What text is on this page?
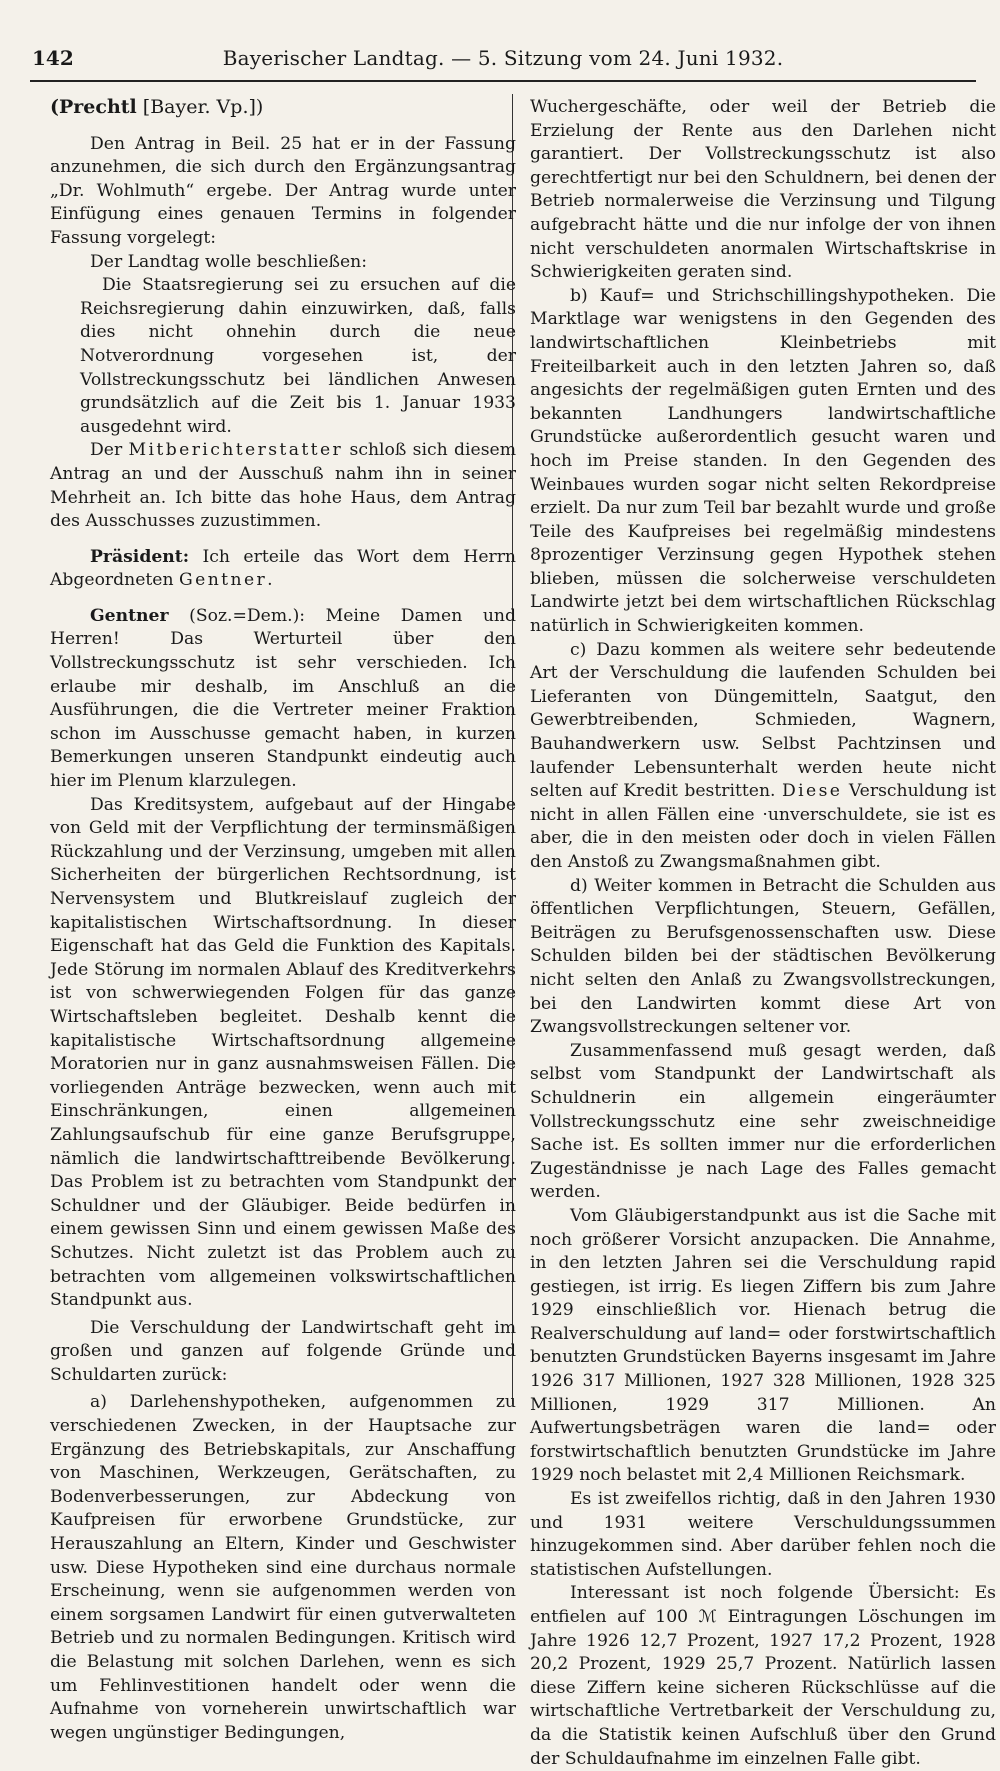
142	Bayerischer Landtag. — 5. Sitzung vom 24. Juni 1932.

(Prechtl [Bayer. Vp.])

Den Antrag in Beil. 25 hat er in der Fassung anzunehmen, die sich durch den Ergänzungsantrag „Dr. Wohlmuth“ ergebe. Der Antrag wurde unter Einfügung eines genauen Termins in folgender Fassung vorgelegt:

Der Landtag wolle beschließen:

Die Staatsregierung sei zu ersuchen auf die Reichsregierung dahin einzuwirken, daß, falls dies nicht ohnehin durch die neue Notverordnung vorgesehen ist, der Vollstreckungsschutz bei ländlichen Anwesen grundsätzlich auf die Zeit bis 1. Januar 1933 ausgedehnt wird.

Der Mitberichterstatter schloß sich diesem Antrag an und der Ausschuß nahm ihn in seiner Mehrheit an. Ich bitte das hohe Haus, dem Antrag des Ausschusses zuzustimmen.

Präsident: Ich erteile das Wort dem Herrn Abgeordneten Gentner.

Gentner (Soz.=Dem.): Meine Damen und Herren! Das Werturteil über den Vollstreckungsschutz ist sehr verschieden. Ich erlaube mir deshalb, im Anschluß an die Ausführungen, die die Vertreter meiner Fraktion schon im Ausschusse gemacht haben, in kurzen Bemerkungen unseren Standpunkt eindeutig auch hier im Plenum klarzulegen.

Das Kreditsystem, aufgebaut auf der Hingabe von Geld mit der Verpflichtung der terminsmäßigen Rückzahlung und der Verzinsung, umgeben mit allen Sicherheiten der bürgerlichen Rechtsordnung, ist Nervensystem und Blutkreislauf zugleich der kapitalistischen Wirtschaftsordnung. In dieser Eigenschaft hat das Geld die Funktion des Kapitals. Jede Störung im normalen Ablauf des Kreditverkehrs ist von schwerwiegenden Folgen für das ganze Wirtschaftsleben begleitet. Deshalb kennt die kapitalistische Wirtschaftsordnung allgemeine Moratorien nur in ganz ausnahmsweisen Fällen. Die vorliegenden Anträge bezwecken, wenn auch mit Einschränkungen, einen allgemeinen Zahlungsaufschub für eine ganze Berufsgruppe, nämlich die landwirtschafttreibende Bevölkerung. Das Problem ist zu betrachten vom Standpunkt der Schuldner und der Gläubiger. Beide bedürfen in einem gewissen Sinn und einem gewissen Maße des Schutzes. Nicht zuletzt ist das Problem auch zu betrachten vom allgemeinen volkswirtschaftlichen Standpunkt aus.

Die Verschuldung der Landwirtschaft geht im großen und ganzen auf folgende Gründe und Schuldarten zurück:

a) Darlehenshypotheken, aufgenommen zu verschiedenen Zwecken, in der Hauptsache zur Ergänzung des Betriebskapitals, zur Anschaffung von Maschinen, Werkzeugen, Gerätschaften, zu Bodenverbesserungen, zur Abdeckung von Kaufpreisen für erworbene Grundstücke, zur Herauszahlung an Eltern, Kinder und Geschwister usw. Diese Hypotheken sind eine durchaus normale Erscheinung, wenn sie aufgenommen werden von einem sorgsamen Landwirt für einen gutverwalteten Betrieb und zu normalen Bedingungen. Kritisch wird die Belastung mit solchen Darlehen, wenn es sich um Fehlinvestitionen handelt oder wenn die Aufnahme von vorneherein unwirtschaftlich war wegen ungünstiger Bedingungen,

Wuchergeschäfte, oder weil der Betrieb die Erzielung der Rente aus den Darlehen nicht garantiert. Der Vollstreckungsschutz ist also gerechtfertigt nur bei den Schuldnern, bei denen der Betrieb normalerweise die Verzinsung und Tilgung aufgebracht hätte und die nur infolge der von ihnen nicht verschuldeten anormalen Wirtschaftskrise in Schwierigkeiten geraten sind.

b) Kauf= und Strichschillingshypotheken. Die Marktlage war wenigstens in den Gegenden des landwirtschaftlichen Kleinbetriebs mit Freiteilbarkeit auch in den letzten Jahren so, daß angesichts der regelmäßigen guten Ernten und des bekannten Landhungers landwirtschaftliche Grundstücke außerordentlich gesucht waren und hoch im Preise standen. In den Gegenden des Weinbaues wurden sogar nicht selten Rekordpreise erzielt. Da nur zum Teil bar bezahlt wurde und große Teile des Kaufpreises bei regelmäßig mindestens 8prozentiger Verzinsung gegen Hypothek stehen blieben, müssen die solcherweise verschuldeten Landwirte jetzt bei dem wirtschaftlichen Rückschlag natürlich in Schwierigkeiten kommen.

c) Dazu kommen als weitere sehr bedeutende Art der Verschuldung die laufenden Schulden bei Lieferanten von Düngemitteln, Saatgut, den Gewerbtreibenden, Schmieden, Wagnern, Bauhandwerkern usw. Selbst Pachtzinsen und laufender Lebensunterhalt werden heute nicht selten auf Kredit bestritten. Diese Verschuldung ist nicht in allen Fällen eine ·unverschuldete, sie ist es aber, die in den meisten oder doch in vielen Fällen den Anstoß zu Zwangsmaßnahmen gibt.

d) Weiter kommen in Betracht die Schulden aus öffentlichen Verpflichtungen, Steuern, Gefällen, Beiträgen zu Berufsgenossenschaften usw. Diese Schulden bilden bei der städtischen Bevölkerung nicht selten den Anlaß zu Zwangsvollstreckungen, bei den Landwirten kommt diese Art von Zwangsvollstreckungen seltener vor.

Zusammenfassend muß gesagt werden, daß selbst vom Standpunkt der Landwirtschaft als Schuldnerin ein allgemein eingeräumter Vollstreckungsschutz eine sehr zweischneidige Sache ist. Es sollten immer nur die erforderlichen Zugeständnisse je nach Lage des Falles gemacht werden.

Vom Gläubigerstandpunkt aus ist die Sache mit noch größerer Vorsicht anzupacken. Die Annahme, in den letzten Jahren sei die Verschuldung rapid gestiegen, ist irrig. Es liegen Ziffern bis zum Jahre 1929 einschließlich vor. Hienach betrug die Realverschuldung auf land= oder forstwirtschaftlich benutzten Grundstücken Bayerns insgesamt im Jahre 1926 317 Millionen, 1927 328 Millionen, 1928 325 Millionen, 1929 317 Millionen. An Aufwertungsbeträgen waren die land= oder forstwirtschaftlich benutzten Grundstücke im Jahre 1929 noch belastet mit 2,4 Millionen Reichsmark.

Es ist zweifellos richtig, daß in den Jahren 1930 und 1931 weitere Verschuldungssummen hinzugekommen sind. Aber darüber fehlen noch die statistischen Aufstellungen.

Interessant ist noch folgende Übersicht: Es entfielen auf 100 ℳ Eintragungen Löschungen im Jahre 1926 12,7 Prozent, 1927 17,2 Prozent, 1928 20,2 Prozent, 1929 25,7 Prozent. Natürlich lassen diese Ziffern keine sicheren Rückschlüsse auf die wirtschaftliche Vertretbarkeit der Verschuldung zu, da die Statistik keinen Aufschluß über den Grund der Schuldaufnahme im einzelnen Falle gibt.
